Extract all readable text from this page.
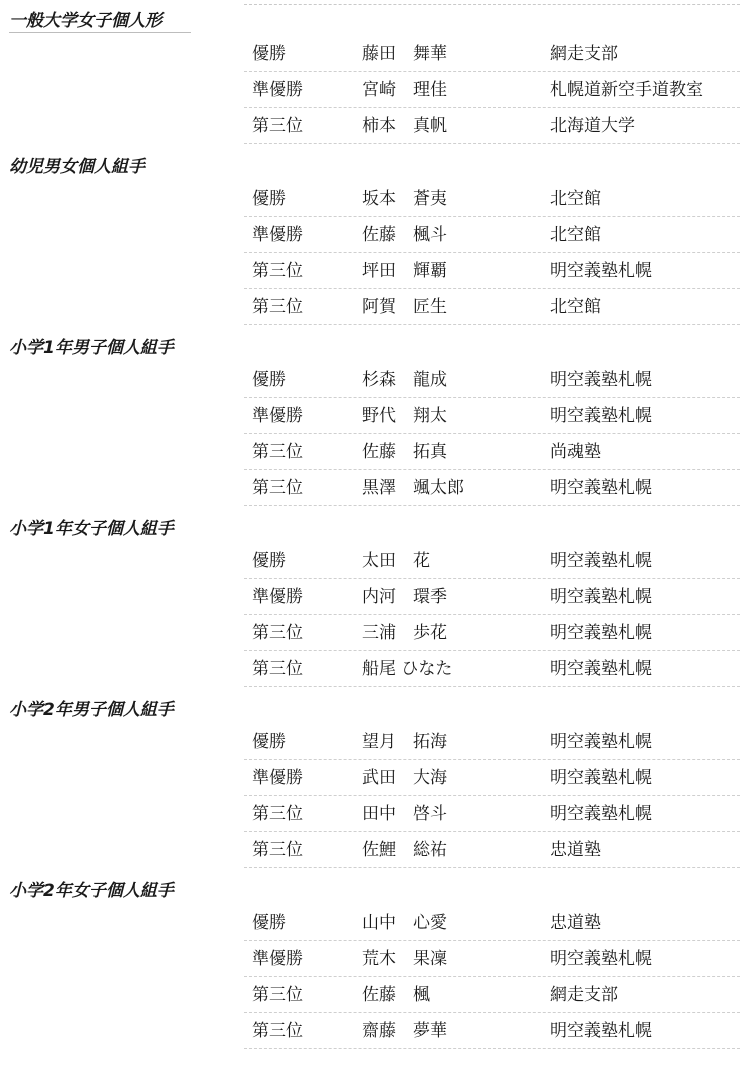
一般大学女子個人形
優勝	藤田　舞華	網走支部
準優勝	宮崎　理佳	札幌道新空手道教室
第三位	柿本　真帆	北海道大学
幼児男女個人組手
優勝	坂本　蒼夷	北空館
準優勝	佐藤　楓斗	北空館
第三位	坪田　輝覇	明空義塾札幌
第三位	阿賀　匠生	北空館
小学1年男子個人組手
優勝	杉森　龍成	明空義塾札幌
準優勝	野代　翔太	明空義塾札幌
第三位	佐藤　拓真	尚魂塾
第三位	黒澤　颯太郎	明空義塾札幌
小学1年女子個人組手
優勝	太田　花	明空義塾札幌
準優勝	内河　環季	明空義塾札幌
第三位	三浦　歩花	明空義塾札幌
第三位	船尾 ひなた	明空義塾札幌
小学2年男子個人組手
優勝	望月　拓海	明空義塾札幌
準優勝	武田　大海	明空義塾札幌
第三位	田中　啓斗	明空義塾札幌
第三位	佐鯉　総祐	忠道塾
小学2年女子個人組手
優勝	山中　心愛	忠道塾
準優勝	荒木　果凜	明空義塾札幌
第三位	佐藤　楓	網走支部
第三位	齋藤　夢華	明空義塾札幌
